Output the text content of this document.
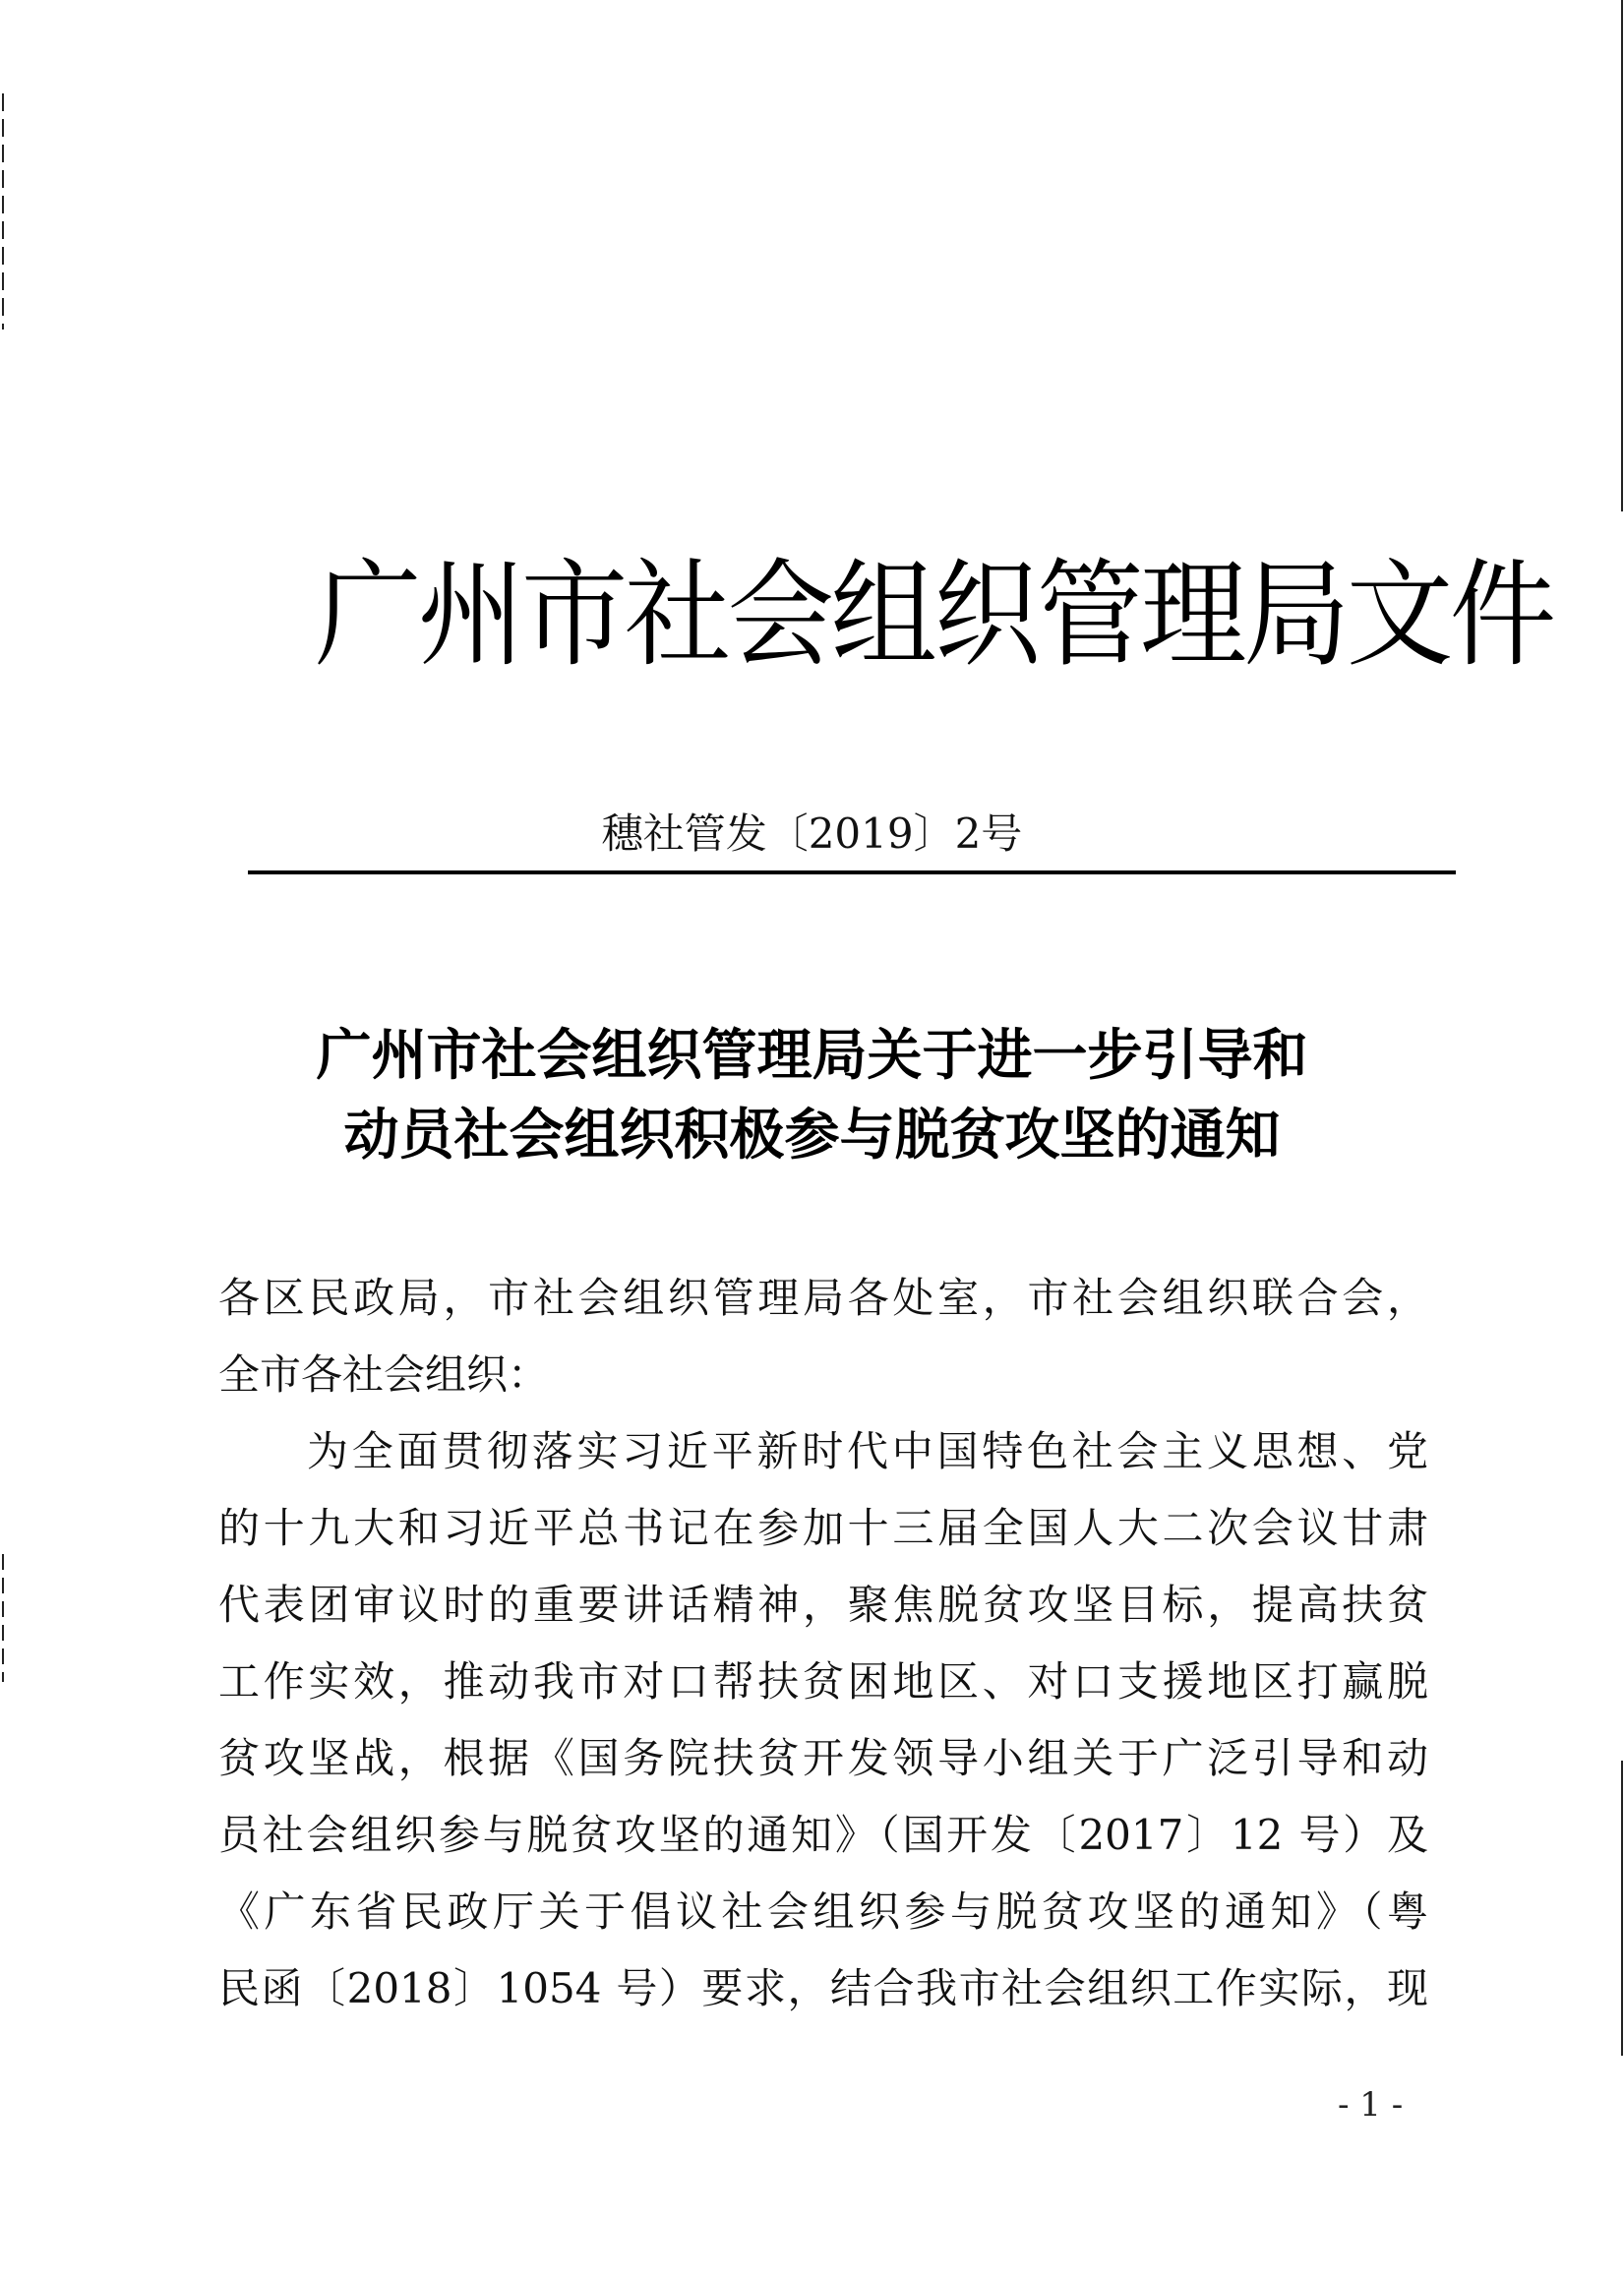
广州市社会组织管理局文件
穗社管发〔2019〕2号
广州市社会组织管理局关于进一步引导和
动员社会组织积极参与脱贫攻坚的通知
各区民政局，市社会组织管理局各处室，市社会组织联合会，
全市各社会组织：
为全面贯彻落实习近平新时代中国特色社会主义思想、党
的十九大和习近平总书记在参加十三届全国人大二次会议甘肃
代表团审议时的重要讲话精神，聚焦脱贫攻坚目标，提高扶贫
工作实效，推动我市对口帮扶贫困地区、对口支援地区打赢脱
贫攻坚战，根据《国务院扶贫开发领导小组关于广泛引导和动
员社会组织参与脱贫攻坚的通知》（国开发〔2017〕12 号）及
《广东省民政厅关于倡议社会组织参与脱贫攻坚的通知》（粤
民函〔2018〕1054 号）要求，结合我市社会组织工作实际，现
- 1 -
